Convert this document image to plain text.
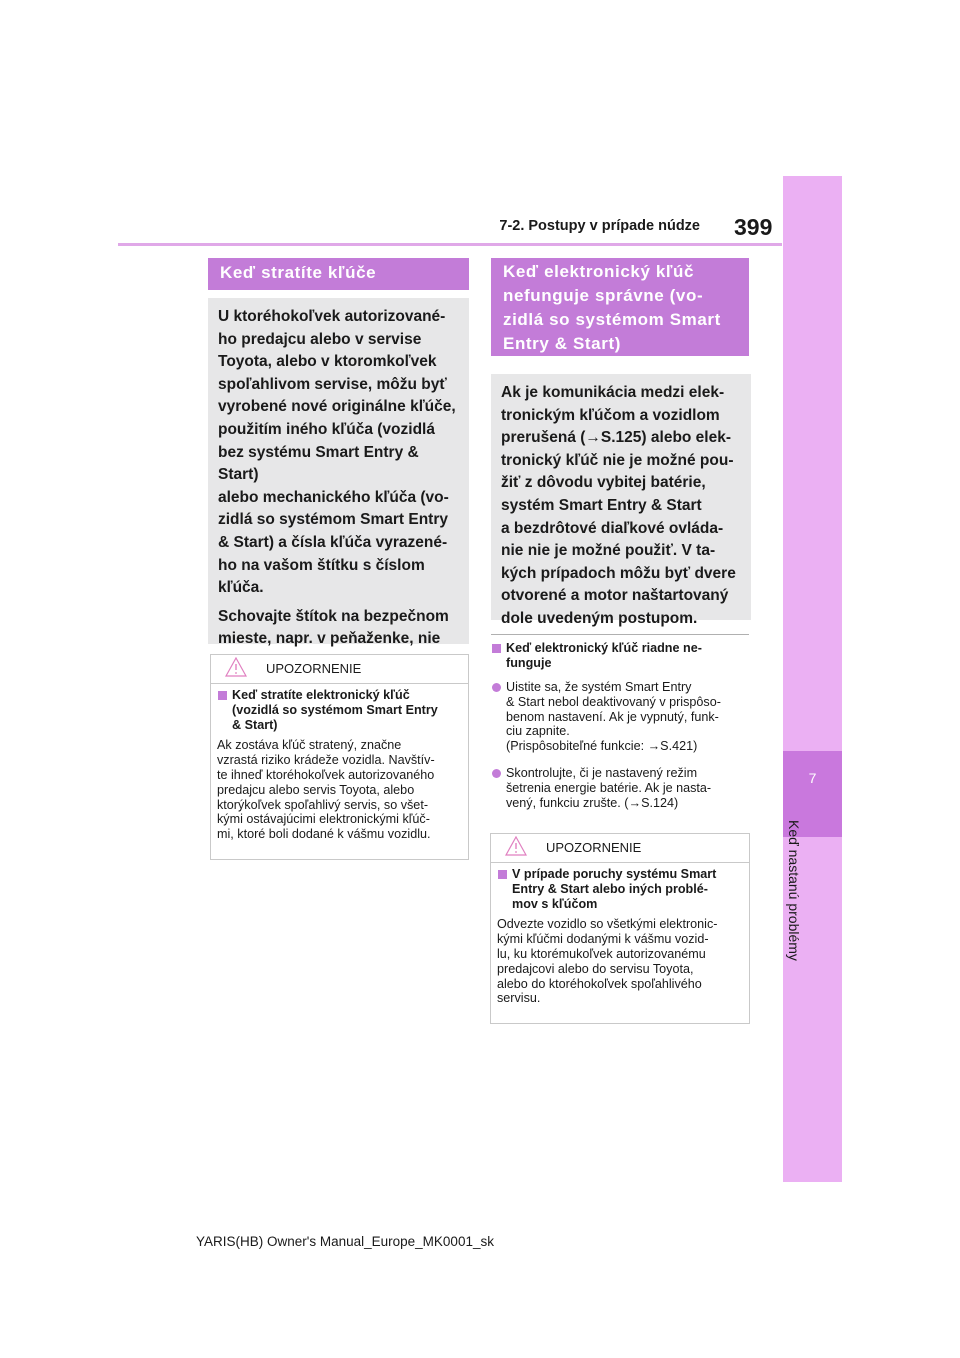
7-2. Postupy v prípade núdze 399
7
Keď nastanú problémy
Keď stratíte kľúče

U ktoréhokoľvek autorizované-
ho predajcu alebo v servise
Toyota, alebo v ktoromkoľvek
spoľahlivom servise, môžu byť
vyrobené nové originálne kľúče,
použitím iného kľúča (vozidlá
bez systému Smart Entry & Start)
alebo mechanického kľúča (vo-
zidlá so systémom Smart Entry
& Start) a čísla kľúča vyrazené-
ho na vašom štítku s číslom
kľúča.

Schovajte štítok na bezpečnom
mieste, napr. v peňaženke, nie

UPOZORNENIE
Keď stratíte elektronický kľúč
(vozidlá so systémom Smart Entry
& Start)
Ak zostáva kľúč stratený, značne
vzrastá riziko krádeže vozidla. Navštív-
te ihneď ktoréhokoľvek autorizovaného
predajcu alebo servis Toyota, alebo
ktorýkoľvek spoľahlivý servis, so všet-
kými ostávajúcimi elektronickými kľúč-
mi, ktoré boli dodané k vášmu vozidlu.
Keď elektronický kľúč
nefunguje správne (vo-
zidlá so systémom Smart
Entry & Start)

Ak je komunikácia medzi elek-
tronickým kľúčom a vozidlom
prerušená (→S.125) alebo elek-
tronický kľúč nie je možné pou-
žiť z dôvodu vybitej batérie,
systém Smart Entry & Start
a bezdrôtové diaľkové ovláda-
nie nie je možné použiť. V ta-
kých prípadoch môžu byť dvere
otvorené a motor naštartovaný
dole uvedeným postupom.

Keď elektronický kľúč riadne ne-
funguje
Uistite sa, že systém Smart Entry
& Start nebol deaktivovaný v prispôso-
benom nastavení. Ak je vypnutý, funk-
ciu zapnite.
(Prispôsobiteľné funkcie: →S.421)
Skontrolujte, či je nastavený režim
šetrenia energie batérie. Ak je nasta-
vený, funkciu zrušte. (→S.124)
UPOZORNENIE
V prípade poruchy systému Smart
Entry & Start alebo iných problé-
mov s kľúčom
Odvezte vozidlo so všetkými elektronic-
kými kľúčmi dodanými k vášmu vozid-
lu, ku ktorémukoľvek autorizovanému
predajcovi alebo do servisu Toyota,
alebo do ktoréhokoľvek spoľahlivého
servisu.
YARIS(HB) Owner's Manual_Europe_MK0001_sk
